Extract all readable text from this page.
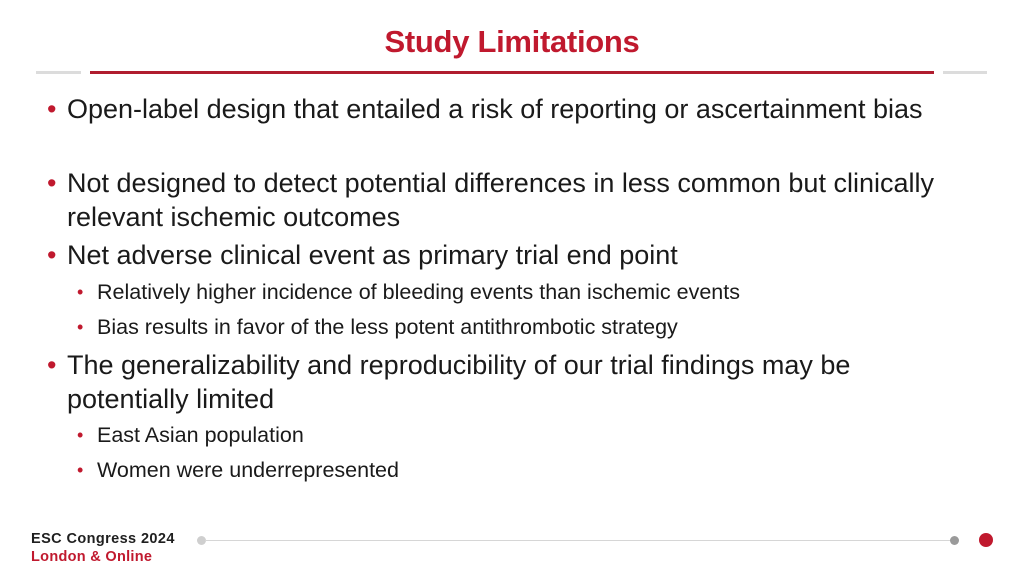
Study Limitations
• Open-label design that entailed a risk of reporting or ascertainment bias
• Not designed to detect potential differences in less common but clinically relevant ischemic outcomes
• Net adverse clinical event as primary trial end point
• Relatively higher incidence of bleeding events than ischemic events
• Bias results in favor of the less potent antithrombotic strategy
• The generalizability and reproducibility of our trial findings may be potentially limited
• East Asian population
• Women were underrepresented
ESC Congress 2024
London & Online
